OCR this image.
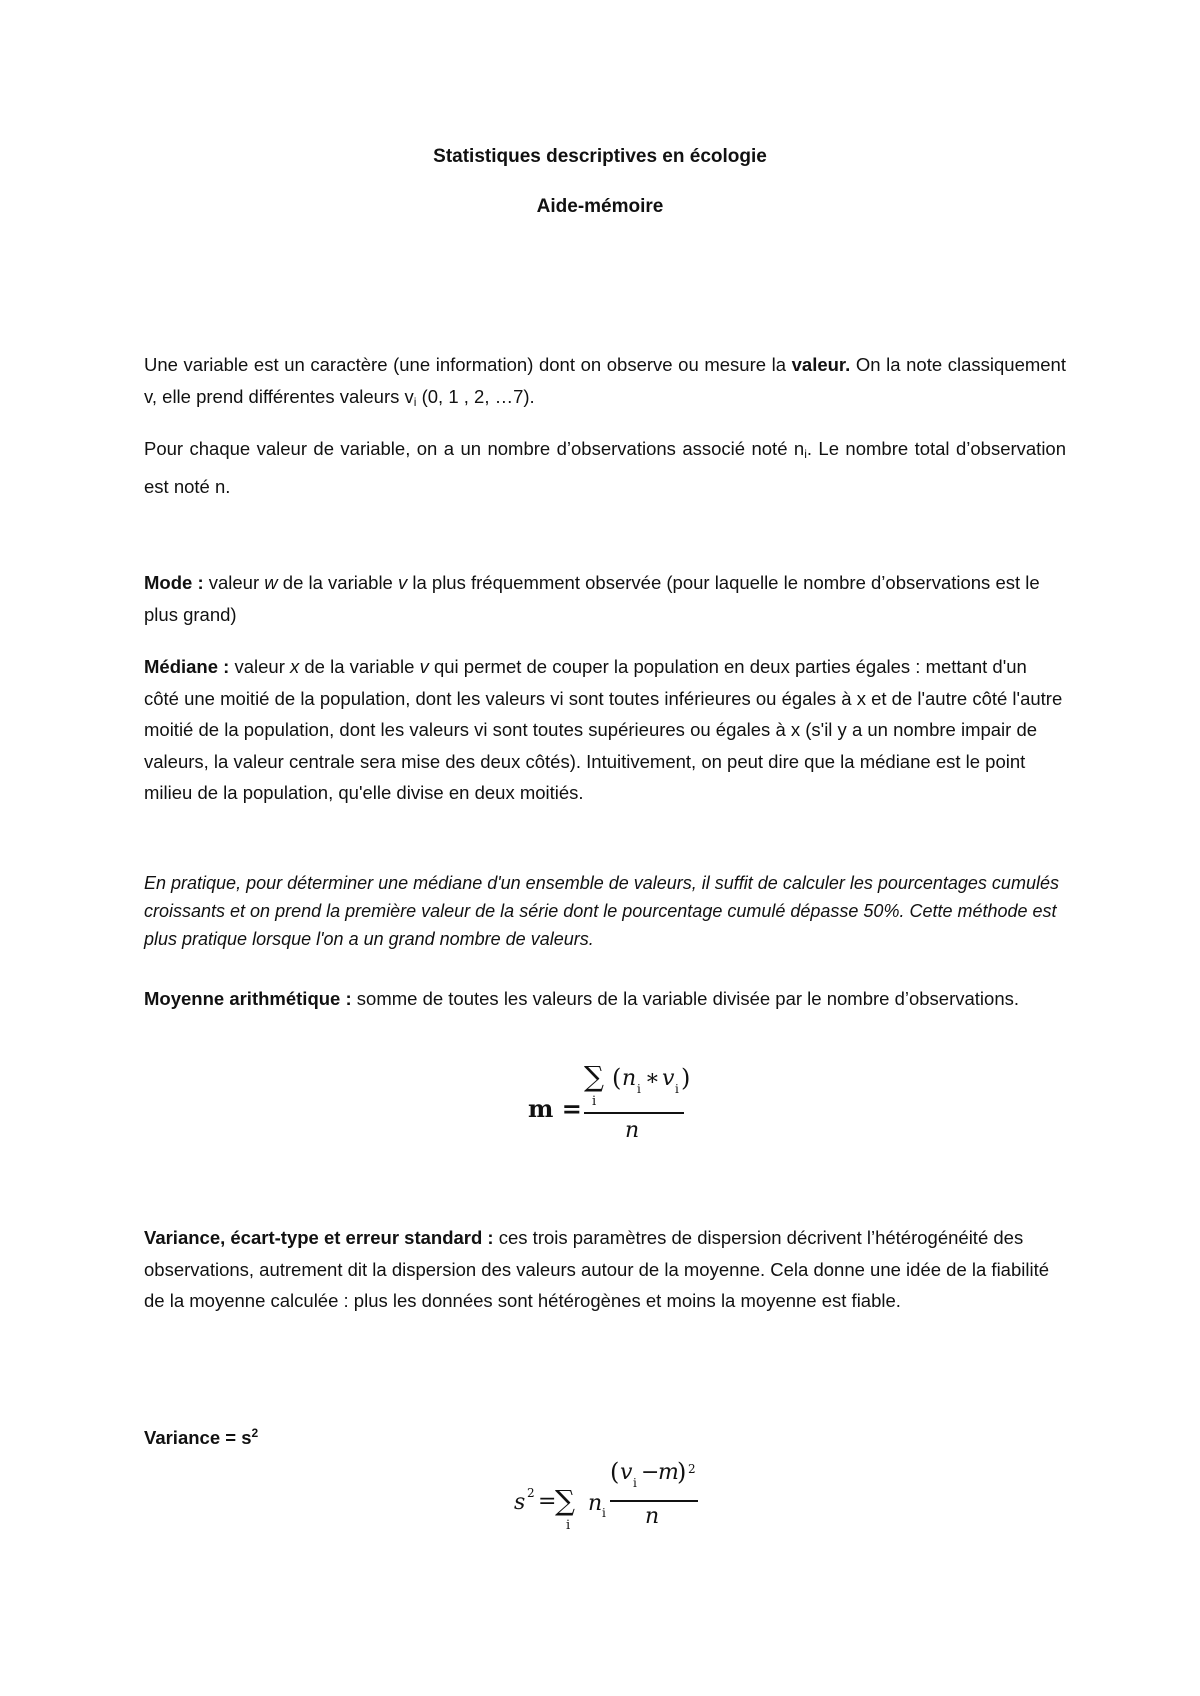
Statistiques descriptives en écologie
Aide-mémoire

Une variable est un caractère (une information) dont on observe ou mesure la valeur. On la note classiquement v, elle prend différentes valeurs $v_i$ (0, 1 , 2, …7).

Pour chaque valeur de variable, on a un nombre d’observations associé noté $n_i$. Le nombre total d’observation est noté n.

Mode : valeur w de la variable v la plus fréquemment observée (pour laquelle le nombre d’observations est le plus grand)

Médiane : valeur x de la variable v qui permet de couper la population en deux parties égales : mettant d'un côté une moitié de la population, dont les valeurs vi sont toutes inférieures ou égales à x et de l'autre côté l'autre moitié de la population, dont les valeurs vi sont toutes supérieures ou égales à x (s'il y a un nombre impair de valeurs, la valeur centrale sera mise des deux côtés). Intuitivement, on peut dire que la médiane est le point milieu de la population, qu'elle divise en deux moitiés.

En pratique, pour déterminer une médiane d'un ensemble de valeurs, il suffit de calculer les pourcentages cumulés croissants et on prend la première valeur de la série dont le pourcentage cumulé dépasse 50%. Cette méthode est plus pratique lorsque l'on a un grand nombre de valeurs.

Moyenne arithmétique : somme de toutes les valeurs de la variable divisée par le nombre d’observations.

m =
∑
i
( n i ∗ v i )
n

Variance, écart-type et erreur standard : ces trois paramètres de dispersion décrivent l’hétérogénéité des observations, autrement dit la dispersion des valeurs autour de la moyenne. Cela donne une idée de la fiabilité de la moyenne calculée : plus les données sont hétérogènes et moins la moyenne est fiable.

Variance = $s^2$

s 2 =
∑
i
n i
( v i −
m
) 2
n
